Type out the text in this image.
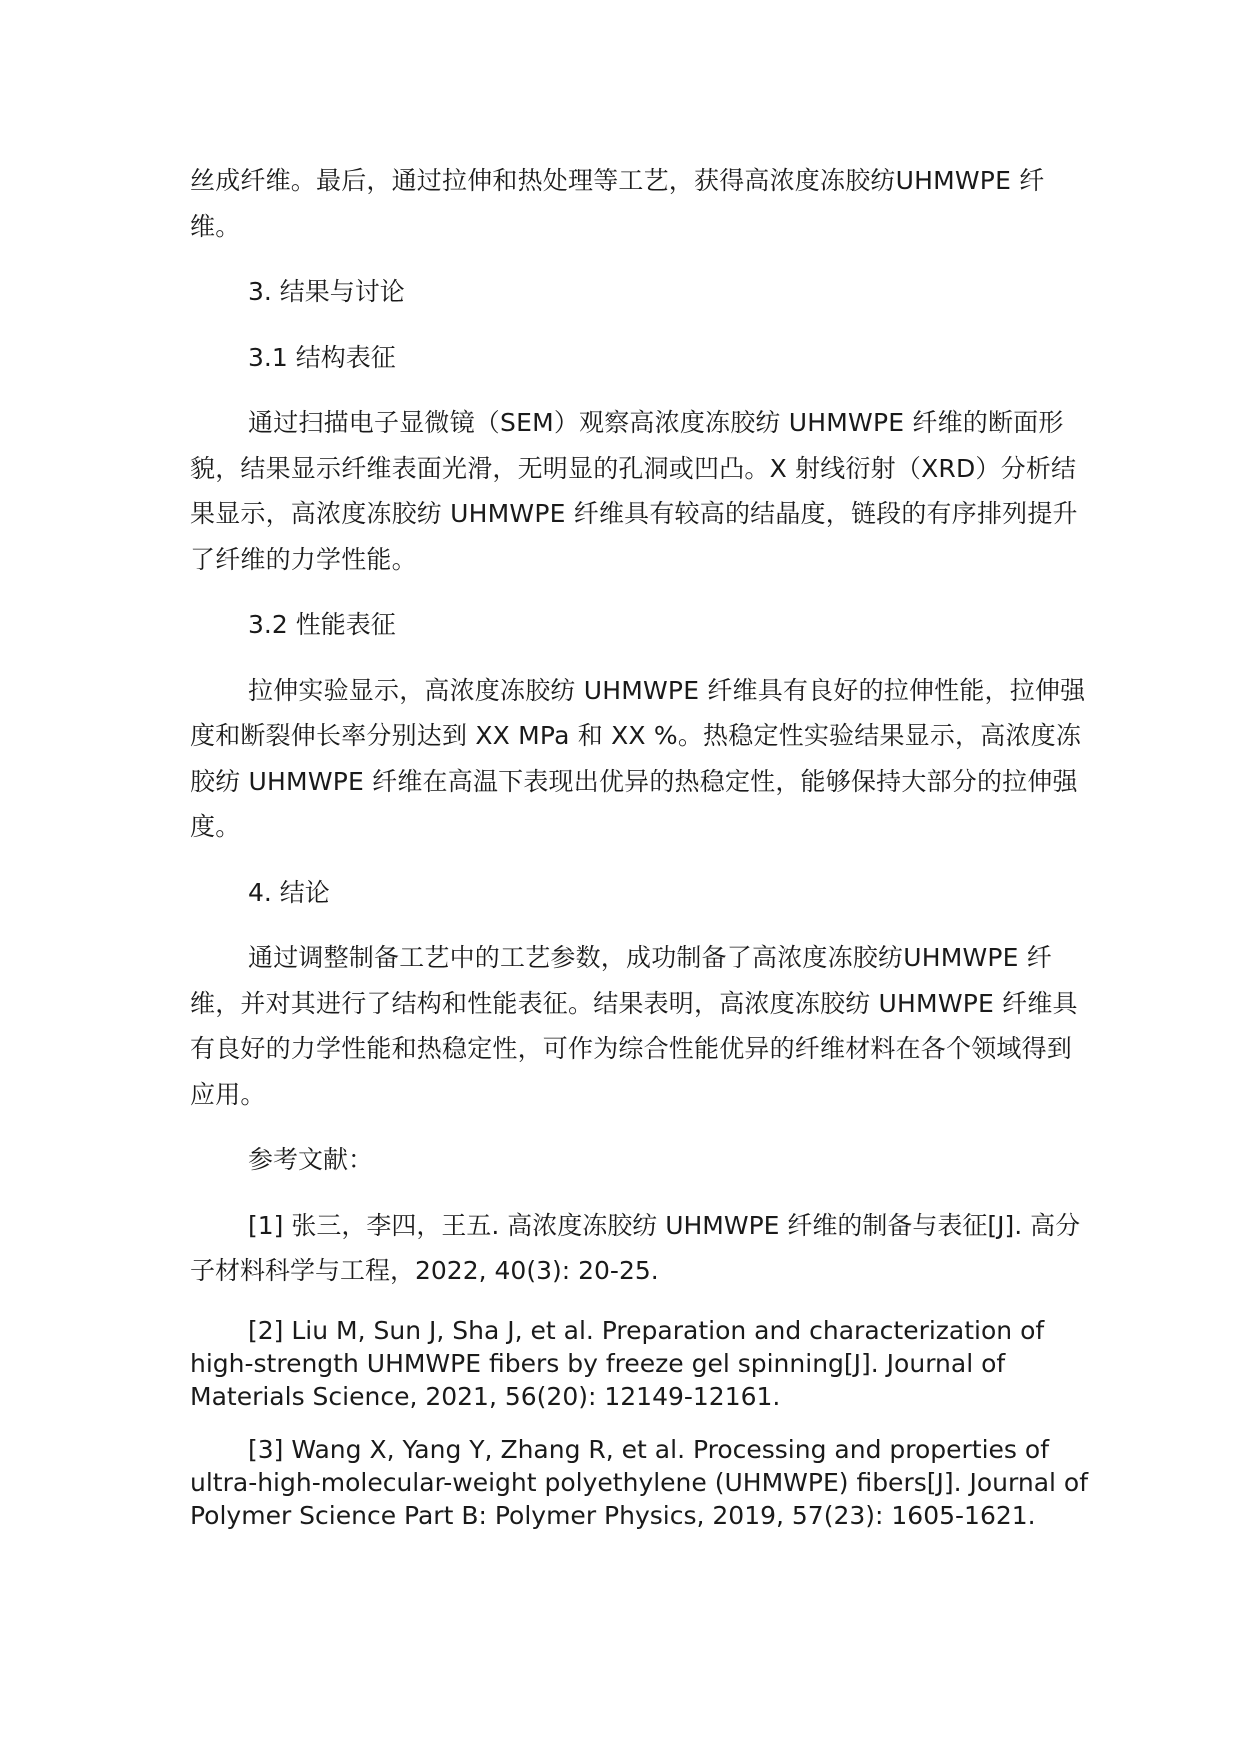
丝成纤维。最后，通过拉伸和热处理等工艺，获得高浓度冻胶纺UHMWPE 纤维。

3. 结果与讨论

3.1 结构表征

通过扫描电子显微镜（SEM）观察高浓度冻胶纺 UHMWPE 纤维的断面形貌，结果显示纤维表面光滑，无明显的孔洞或凹凸。X 射线衍射（XRD）分析结果显示，高浓度冻胶纺 UHMWPE 纤维具有较高的结晶度，链段的有序排列提升了纤维的力学性能。

3.2 性能表征

拉伸实验显示，高浓度冻胶纺 UHMWPE 纤维具有良好的拉伸性能，拉伸强度和断裂伸长率分别达到 XX MPa 和 XX %。热稳定性实验结果显示，高浓度冻胶纺 UHMWPE 纤维在高温下表现出优异的热稳定性，能够保持大部分的拉伸强度。

4. 结论

通过调整制备工艺中的工艺参数，成功制备了高浓度冻胶纺UHMWPE 纤维，并对其进行了结构和性能表征。结果表明，高浓度冻胶纺 UHMWPE 纤维具有良好的力学性能和热稳定性，可作为综合性能优异的纤维材料在各个领域得到应用。

参考文献：

[1] 张三，李四，王五. 高浓度冻胶纺 UHMWPE 纤维的制备与表征[J]. 高分子材料科学与工程，2022, 40(3): 20-25.

[2] Liu M, Sun J, Sha J, et al. Preparation and characterization of high-strength UHMWPE fibers by freeze gel spinning[J]. Journal of Materials Science, 2021, 56(20): 12149-12161.

[3] Wang X, Yang Y, Zhang R, et al. Processing and properties of ultra-high-molecular-weight polyethylene (UHMWPE) fibers[J]. Journal of Polymer Science Part B: Polymer Physics, 2019, 57(23): 1605-1621.
